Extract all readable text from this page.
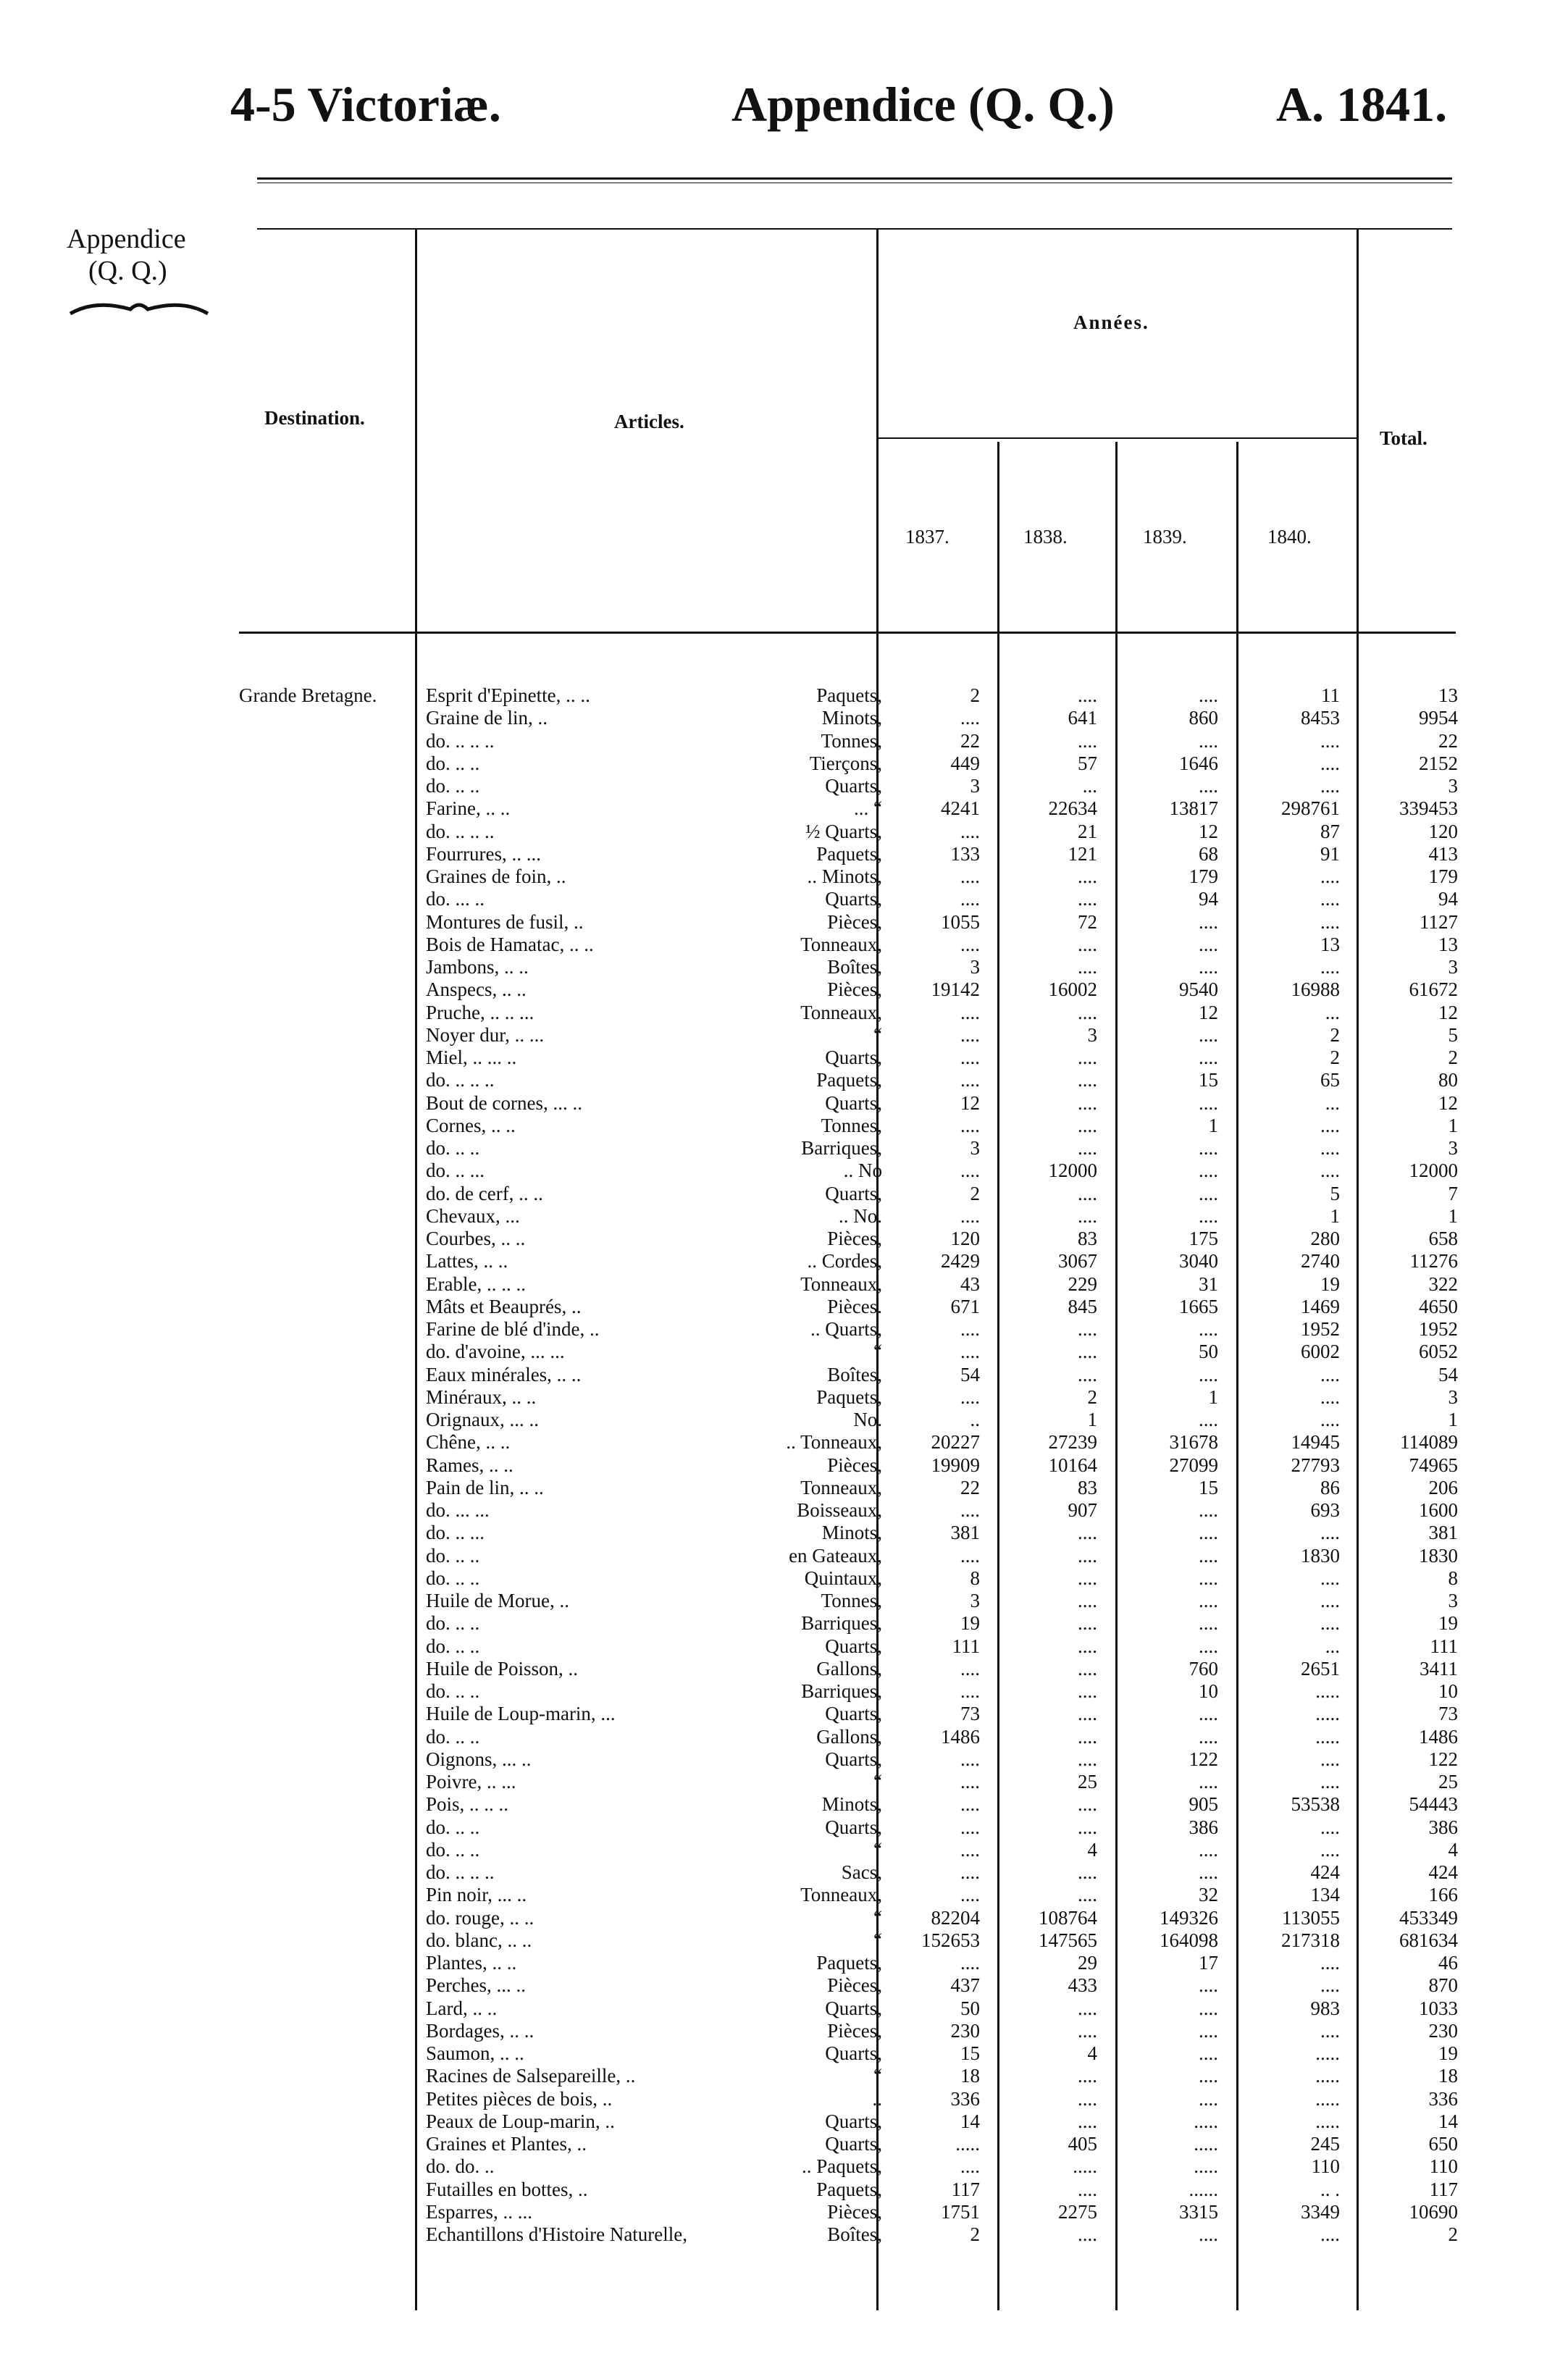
4-5 Victoriæ.	Appendice (Q. Q.)	A. 1841.
Appendice
(Q. Q.)
Destination.	Articles.
Années.
Total.
1837.	1838.	1839.	1840.
Grande Bretagne.	Esprit d'Epinette, .. ..	Paquets,	2	....	....	11	13
Graine de lin, ..	Minots,	....	641	860	8453	9954
do. .. .. ..	Tonnes,	22	....	....	....	22
do. .. ..	Tierçons,	449	57	1646	....	2152
do. .. ..	Quarts,	3	...	....	....	3
Farine, .. ..	... “	4241	22634	13817	298761	339453
do. .. .. ..	½ Quarts,	....	21	12	87	120
Fourrures, .. ...	Paquets,	133	121	68	91	413
Graines de foin, ..	.. Minots,	....	....	179	....	179
do. ... ..	Quarts,	....	....	94	....	94
Montures de fusil, ..	Pièces,	1055	72	....	....	1127
Bois de Hamatac, .. ..	Tonneaux,	....	....	....	13	13
Jambons, .. ..	Boîtes,	3	....	....	....	3
Anspecs, .. ..	Pièces,	19142	16002	9540	16988	61672
Pruche, .. .. ...	Tonneaux,	....	....	12	...	12
Noyer dur, .. ...	“	....	3	....	2	5
Miel, .. ... ..	Quarts,	....	....	....	2	2
do. .. .. ..	Paquets,	....	....	15	65	80
Bout de cornes, ... ..	Quarts,	12	....	....	...	12
Cornes, .. ..	Tonnes,	....	....	1	....	1
do. .. ..	Barriques,	3	....	....	....	3
do. .. ...	.. No	....	12000	....	....	12000
do. de cerf, .. ..	Quarts,	2	....	....	5	7
Chevaux, ...	.. No.	....	....	....	1	1
Courbes, .. ..	Pièces,	120	83	175	280	658
Lattes, .. ..	.. Cordes,	2429	3067	3040	2740	11276
Erable, .. .. ..	Tonneaux,	43	229	31	19	322
Mâts et Beauprés, ..	Pièces.	671	845	1665	1469	4650
Farine de blé d'inde, ..	.. Quarts,	....	....	....	1952	1952
do. d'avoine, ... ...	“	....	....	50	6002	6052
Eaux minérales, .. ..	Boîtes,	54	....	....	....	54
Minéraux, .. ..	Paquets,	....	2	1	....	3
Orignaux, ... ..	No.	..	1	....	....	1
Chêne, .. ..	.. Tonneaux,	20227	27239	31678	14945	114089
Rames, .. ..	Pièces,	19909	10164	27099	27793	74965
Pain de lin, .. ..	Tonneaux,	22	83	15	86	206
do. ... ...	Boisseaux,	....	907	....	693	1600
do. .. ...	Minots,	381	....	....	....	381
do. .. ..	en Gateaux,	....	....	....	1830	1830
do. .. ..	Quintaux,	8	....	....	....	8
Huile de Morue, ..	Tonnes,	3	....	....	....	3
do. .. ..	Barriques,	19	....	....	....	19
do. .. ..	Quarts,	111	....	....	...	111
Huile de Poisson, ..	Gallons,	....	....	760	2651	3411
do. .. ..	Barriques,	....	....	10	.....	10
Huile de Loup-marin, ...	Quarts,	73	....	....	.....	73
do. .. ..	Gallons,	1486	....	....	.....	1486
Oignons, ... ..	Quarts,	....	....	122	....	122
Poivre, .. ...	“	....	25	....	....	25
Pois, .. .. ..	Minots,	....	....	905	53538	54443
do. .. ..	Quarts,	....	....	386	....	386
do. .. ..	“	....	4	....	....	4
do. .. .. ..	Sacs,	....	....	....	424	424
Pin noir, ... ..	Tonneaux,	....	....	32	134	166
do. rouge, .. ..	“	82204	108764	149326	113055	453349
do. blanc, .. ..	“ 152653	147565	164098	217318	681634
Plantes, .. ..	Paquets,	....	29	17	....	46
Perches, ... ..	Pièces,	437	433	....	....	870
Lard, .. ..	Quarts,	50	....	....	983	1033
Bordages, .. ..	Pièces,	230	....	....	....	230
Saumon, .. ..	Quarts,	15	4	....	.....	19
Racines de Salsepareille, ..	“	18	....	....	.....	18
Petites pièces de bois, ..	..	336	....	....	.....	336
Peaux de Loup-marin, ..	Quarts,	14	....	.....	.....	14
Graines et Plantes, ..	Quarts,	.....	405	.....	245	650
do. do. ..	.. Paquets,	....	.....	.....	110	110
Futailles en bottes, ..	Paquets,	117	....	......	.. .	117
Esparres, .. ...	Pièces,	1751	2275	3315	3349	10690
Echantillons d'Histoire Naturelle,	Boîtes,	2	....	....	....	2
